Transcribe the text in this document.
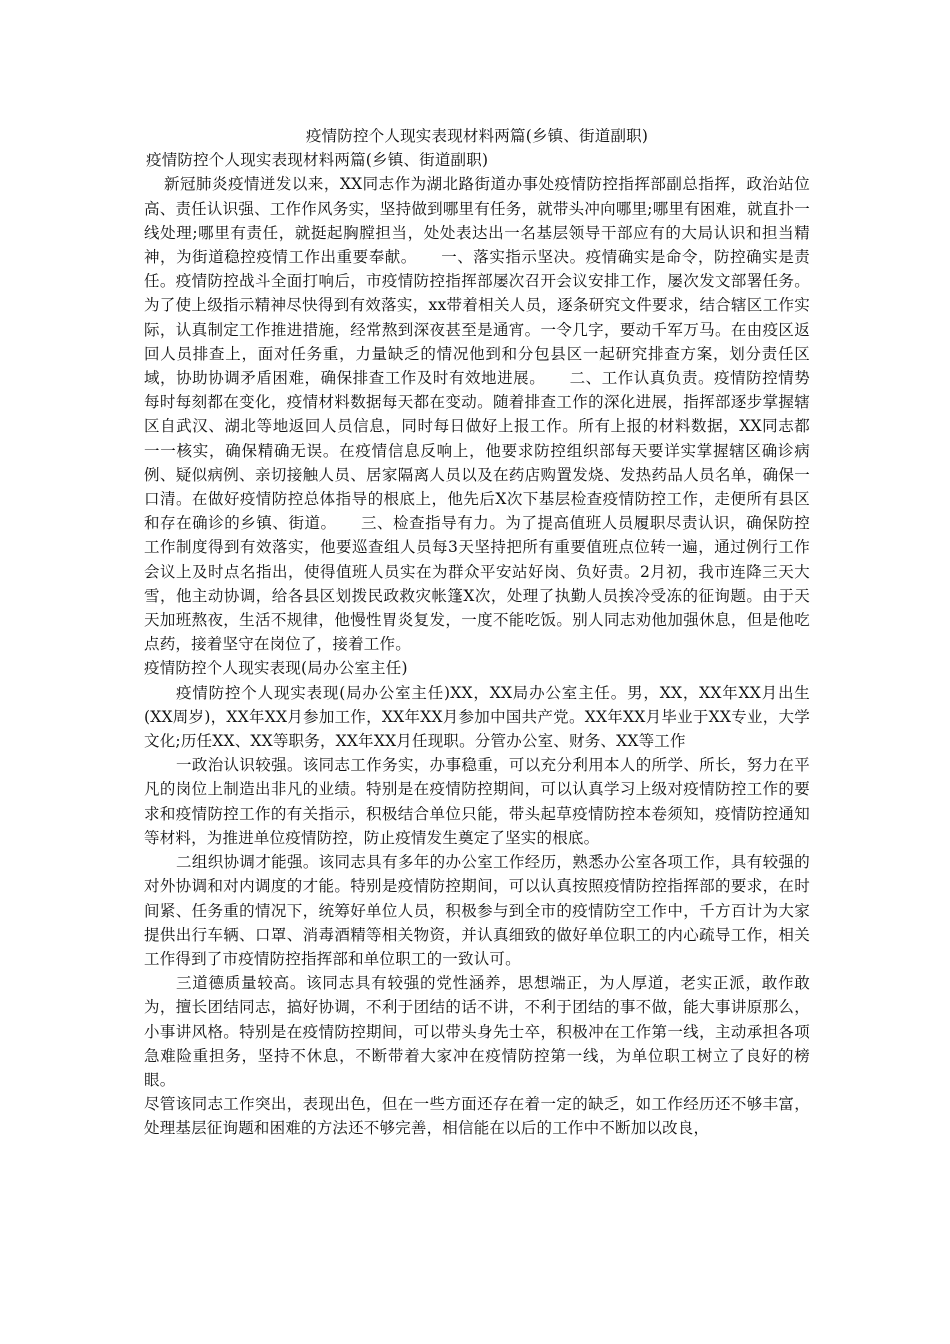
疫情防控个人现实表现材料两篇(乡镇、街道副职)

疫情防控个人现实表现材料两篇(乡镇、街道副职)

新冠肺炎疫情迸发以来，XX同志作为湖北路街道办事处疫情防控指挥部副总指挥，政治站位高、责任认识强、工作作风务实，坚持做到哪里有任务，就带头冲向哪里;哪里有困难，就直扑一线处理;哪里有责任，就挺起胸膛担当，处处表达出一名基层领导干部应有的大局认识和担当精神，为街道稳控疫情工作出重要奉献。　　一、落实指示坚决。疫情确实是命令，防控确实是责任。疫情防控战斗全面打响后，市疫情防控指挥部屡次召开会议安排工作，屡次发文部署任务。为了使上级指示精神尽快得到有效落实，xx带着相关人员，逐条研究文件要求，结合辖区工作实际，认真制定工作推进措施，经常熬到深夜甚至是通宵。一令几字，要动千军万马。在由疫区返回人员排查上，面对任务重，力量缺乏的情况他到和分包县区一起研究排查方案，划分责任区域，协助协调矛盾困难，确保排查工作及时有效地进展。　　二、工作认真负责。疫情防控情势每时每刻都在变化，疫情材料数据每天都在变动。随着排查工作的深化进展，指挥部逐步掌握辖区自武汉、湖北等地返回人员信息，同时每日做好上报工作。所有上报的材料数据，XX同志都一一核实，确保精确无误。在疫情信息反响上，他要求防控组织部每天要详实掌握辖区确诊病例、疑似病例、亲切接触人员、居家隔离人员以及在药店购置发烧、发热药品人员名单，确保一口清。在做好疫情防控总体指导的根底上，他先后X次下基层检查疫情防控工作，走便所有县区和存在确诊的乡镇、街道。　　三、检查指导有力。为了提高值班人员履职尽责认识，确保防控工作制度得到有效落实，他要巡查组人员每3天坚持把所有重要值班点位转一遍，通过例行工作会议上及时点名指出，使得值班人员实在为群众平安站好岗、负好责。2月初，我市连降三天大雪，他主动协调，给各县区划拨民政救灾帐篷X次，处理了执勤人员挨冷受冻的征询题。由于天天加班熬夜，生活不规律，他慢性胃炎复发，一度不能吃饭。别人同志劝他加强休息，但是他吃点药，接着坚守在岗位了，接着工作。

疫情防控个人现实表现(局办公室主任)

疫情防控个人现实表现(局办公室主任)XX，XX局办公室主任。男，XX，XX年XX月出生(XX周岁)，XX年XX月参加工作，XX年XX月参加中国共产党。XX年XX月毕业于XX专业，大学文化;历任XX、XX等职务，XX年XX月任现职。分管办公室、财务、XX等工作

一政治认识较强。该同志工作务实，办事稳重，可以充分利用本人的所学、所长，努力在平凡的岗位上制造出非凡的业绩。特别是在疫情防控期间，可以认真学习上级对疫情防控工作的要求和疫情防控工作的有关指示，积极结合单位只能，带头起草疫情防控本卷须知，疫情防控通知等材料，为推进单位疫情防控，防止疫情发生奠定了坚实的根底。

二组织协调才能强。该同志具有多年的办公室工作经历，熟悉办公室各项工作，具有较强的对外协调和对内调度的才能。特别是疫情防控期间，可以认真按照疫情防控指挥部的要求，在时间紧、任务重的情况下，统筹好单位人员，积极参与到全市的疫情防空工作中，千方百计为大家提供出行车辆、口罩、消毒酒精等相关物资，并认真细致的做好单位职工的内心疏导工作，相关工作得到了市疫情防控指挥部和单位职工的一致认可。

三道德质量较高。该同志具有较强的党性涵养，思想端正，为人厚道，老实正派，敢作敢为，擅长团结同志，搞好协调，不利于团结的话不讲，不利于团结的事不做，能大事讲原那么，小事讲风格。特别是在疫情防控期间，可以带头身先士卒，积极冲在工作第一线，主动承担各项急难险重担务，坚持不休息，不断带着大家冲在疫情防控第一线，为单位职工树立了良好的榜眼。

尽管该同志工作突出，表现出色，但在一些方面还存在着一定的缺乏，如工作经历还不够丰富，处理基层征询题和困难的方法还不够完善，相信能在以后的工作中不断加以改良，
